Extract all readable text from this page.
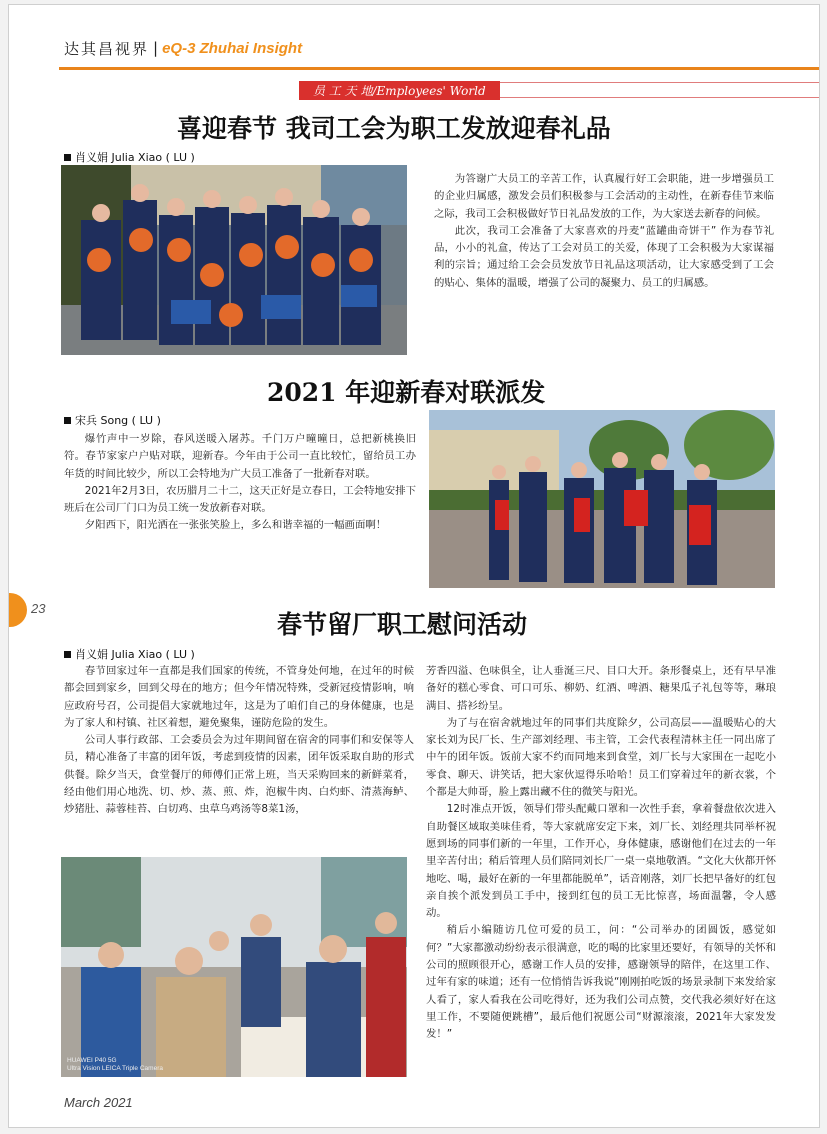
达其昌视界 | eQ-3 Zhuhai Insight
员 工 天 地/Employees' World
喜迎春节 我司工会为职工发放迎春礼品
肖义娟 Julia Xiao ( LU )

为答谢广大员工的辛苦工作，认真履行好工会职能，进一步增强员工的企业归属感，激发会员们积极参与工会活动的主动性，在新春佳节来临之际，我司工会积极做好节日礼品发放的工作，为大家送去新春的问候。

此次，我司工会准备了大家喜欢的丹麦“蓝罐曲奇饼干” 作为春节礼品，小小的礼盒，传达了工会对员工的关爱，体现了工会积极为大家谋福利的宗旨；通过给工会会员发放节日礼品这项活动，让大家感受到了工会的贴心、集体的温暖，增强了公司的凝聚力、员工的归属感。

2021 年迎新春对联派发
宋兵 Song ( LU )

爆竹声中一岁除，春风送暖入屠苏。千门万户曈曈日，总把新桃换旧符。春节家家户户贴对联，迎新春。今年由于公司一直比较忙，留给员工办年货的时间比较少，所以工会特地为广大员工准备了一批新春对联。

2021年2月3日，农历腊月二十二，这天正好是立春日，工会特地安排下班后在公司厂门口为员工统一发放新春对联。

夕阳西下，阳光洒在一张张笑脸上，多么和谐幸福的一幅画面啊！

23
春节留厂职工慰问活动
肖义娟 Julia Xiao ( LU )

春节回家过年一直都是我们国家的传统，不管身处何地，在过年的时候都会回到家乡，回到父母在的地方；但今年情况特殊，受新冠疫情影响，响应政府号召，公司提倡大家就地过年，这是为了咱们自己的身体健康，也是为了家人和村镇、社区着想，避免聚集，谨防危险的发生。

公司人事行政部、工会委员会为过年期间留在宿舍的同事们和安保等人员，精心准备了丰富的团年饭，考虑到疫情的因素，团年饭采取自助的形式供餐。除夕当天，食堂餐厅的师傅们正常上班，当天采购回来的新鲜菜肴，经由他们用心地洗、切、炒、蒸、煎、炸，泡椒牛肉、白灼虾、清蒸海鲈、炒猪肚、蒜蓉桂苔、白切鸡、虫草乌鸡汤等8菜1汤，

芳香四溢、色味俱全，让人垂涎三尺、目口大开。条形餐桌上，还有早早准备好的糕心零食、可口可乐、柳奶、红酒、啤酒、糖果瓜子礼包等等，琳琅满目、搭衫纷呈。

为了与在宿舍就地过年的同事们共度除夕，公司高层——温暖贴心的大家长刘为民厂长、生产部刘经理、韦主管，工会代表程清林主任一同出席了中午的团年饭。饭前大家不约而同地来到食堂，刘厂长与大家围在一起吃小零食、聊天、讲笑话，把大家伙逗得乐哈哈！员工们穿着过年的新衣裳，个个都是大帅哥，脸上露出藏不住的微笑与阳光。

12时准点开饭，领导们带头配戴口罩和一次性手套，拿着餐盘依次进入自助餐区域取美味佳肴，等大家就席安定下来，刘厂长、刘经理共同举杯祝愿到场的同事们新的一年里，工作开心，身体健康，感谢他们在过去的一年里辛苦付出；稍后管理人员们陪同刘长厂一桌一桌地敬酒。“文化大伙都开怀地吃、喝，最好在新的一年里都能脱单”，话音刚落，刘厂长把早备好的红包亲自挨个派发到员工手中，接到红包的员工无比惊喜，场面温馨，令人感动。

稍后小编随访几位可爱的员工，问：“公司举办的团圆饭，感觉如何？”大家都激动纷纷表示很满意，吃的喝的比家里还要好，有领导的关怀和公司的照顾很开心，感谢工作人员的安排，感谢领导的陪伴，在这里工作、过年有家的味道；还有一位悄悄告诉我说“刚刚拍吃饭的场景录制下来发给家人看了，家人看我在公司吃得好，还为我们公司点赞，交代我必须好好在这里工作，不要随便跳槽”，最后他们祝愿公司“财源滚滚，2021年大家发发发！”

HUAWEI P40 5G
Ultra Vision LEICA Triple Camera
March 2021
